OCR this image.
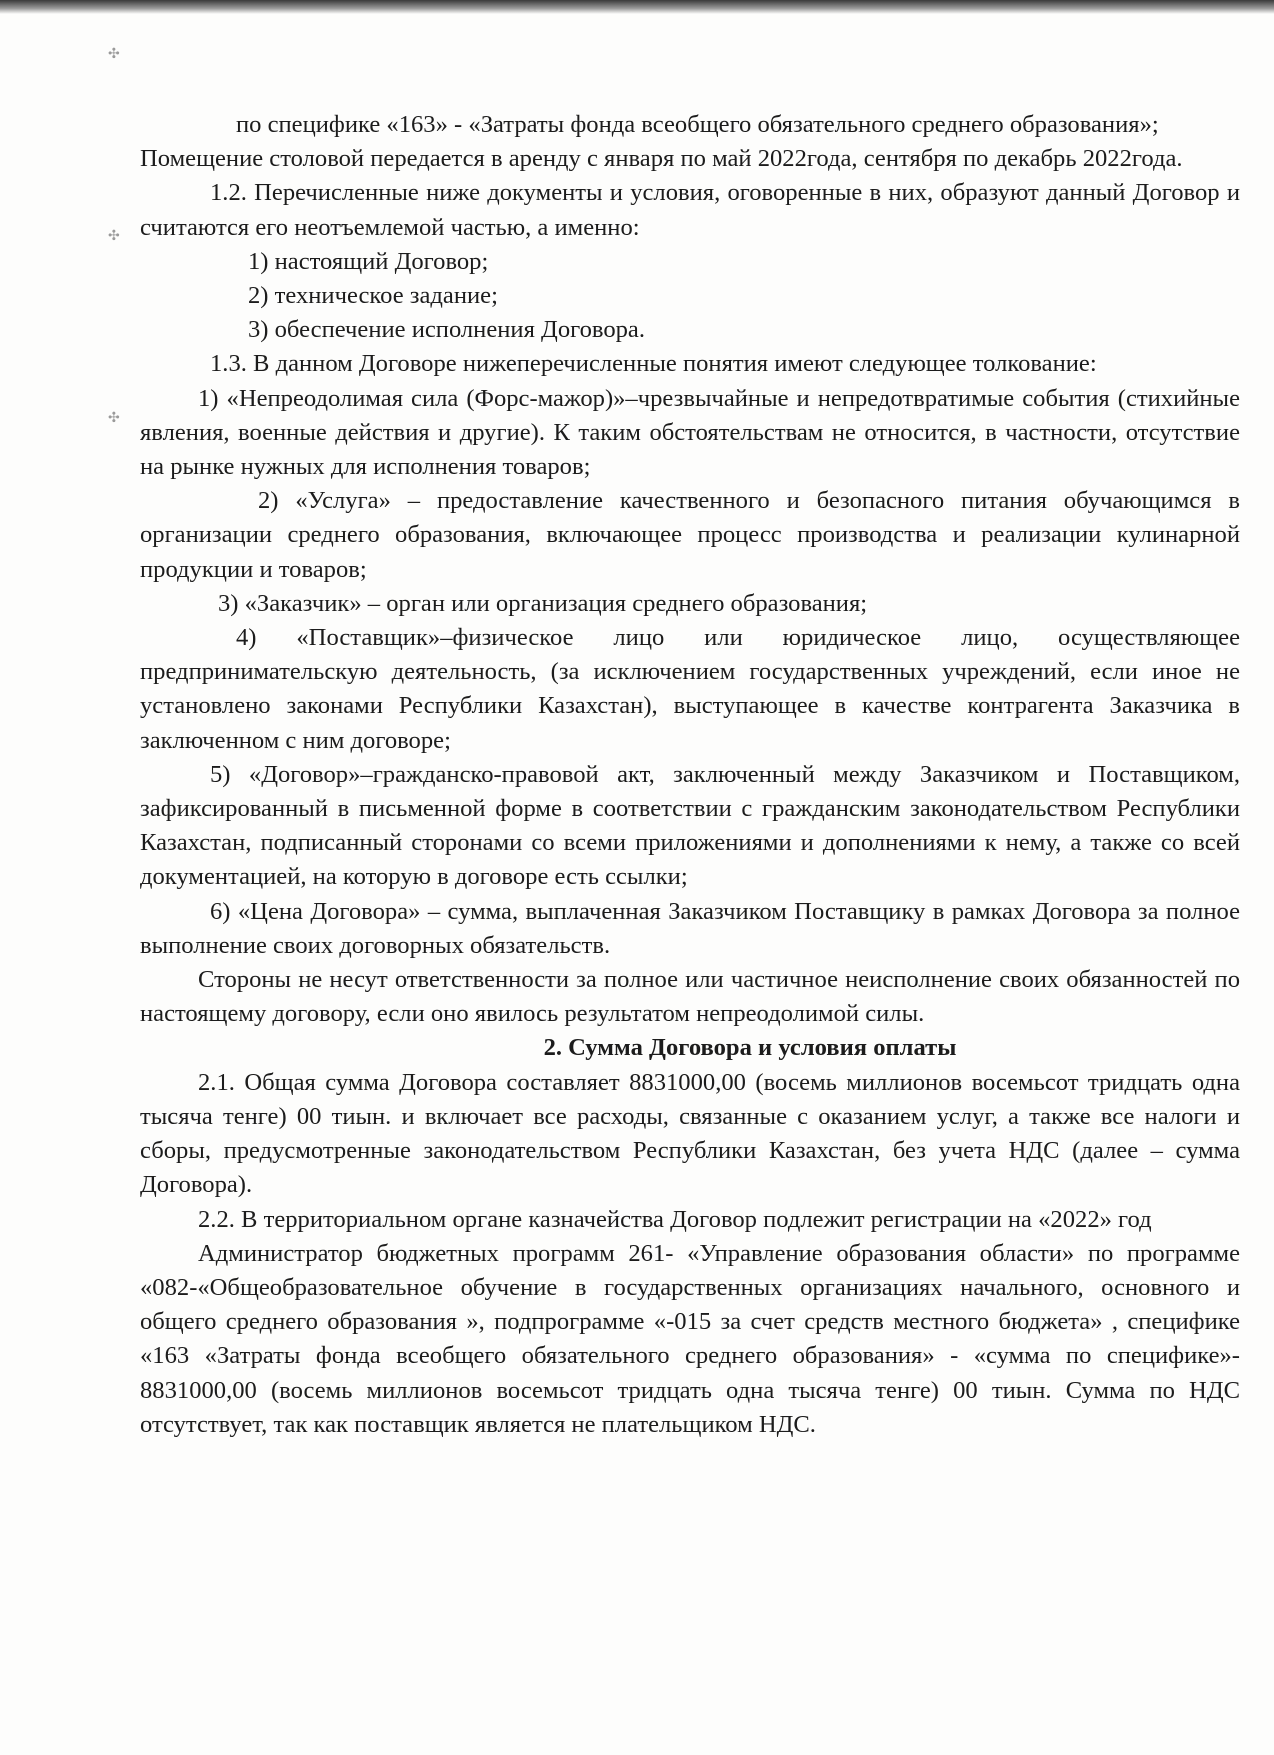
✣
✣
✣

по специфике «163» - «Затраты фонда всеобщего обязательного среднего образования»;

Помещение столовой передается в аренду с января по май 2022года, сентября по декабрь 2022года.

1.2. Перечисленные ниже документы и условия, оговоренные в них, образуют данный Договор и считаются его неотъемлемой частью, а именно:

1) настоящий Договор;

2) техническое задание;

3) обеспечение исполнения Договора.

1.3. В данном Договоре нижеперечисленные понятия имеют следующее толкование:

1) «Непреодолимая сила (Форс-мажор)»–чрезвычайные и непредотвратимые события (стихийные явления, военные действия и другие). К таким обстоятельствам не относится, в частности, отсутствие на рынке нужных для исполнения товаров;

2) «Услуга» – предоставление качественного и безопасного питания обучающимся в организации среднего образования, включающее процесс производства и реализации кулинарной продукции и товаров;

3) «Заказчик» – орган или организация среднего образования;

4) «Поставщик»–физическое лицо или юридическое лицо, осуществляющее предпринимательскую деятельность, (за исключением государственных учреждений, если иное не установлено законами Республики Казахстан), выступающее в качестве контрагента Заказчика в заключенном с ним договоре;

5) «Договор»–гражданско-правовой акт, заключенный между Заказчиком и Поставщиком, зафиксированный в письменной форме в соответствии с гражданским законодательством Республики Казахстан, подписанный сторонами со всеми приложениями и дополнениями к нему, а также со всей документацией, на которую в договоре есть ссылки;

6) «Цена Договора» – сумма, выплаченная Заказчиком Поставщику в рамках Договора за полное выполнение своих договорных обязательств.

Стороны не несут ответственности за полное или частичное неисполнение своих обязанностей по настоящему договору, если оно явилось результатом непреодолимой силы.

2. Сумма Договора и условия оплаты

2.1. Общая сумма Договора составляет 8831000,00 (восемь миллионов восемьсот тридцать одна тысяча тенге) 00 тиын. и включает все расходы, связанные с оказанием услуг, а также все налоги и сборы, предусмотренные законодательством Республики Казахстан, без учета НДС (далее – сумма Договора).

2.2. В территориальном органе казначейства Договор подлежит регистрации на «2022» год

Администратор бюджетных программ 261- «Управление образования области» по программе «082-«Общеобразовательное обучение в государственных организациях начального, основного и общего среднего образования », подпрограмме «-015 за счет средств местного бюджета» , специфике «163 «Затраты фонда всеобщего обязательного среднего образования» - «сумма по специфике»- 8831000,00 (восемь миллионов восемьсот тридцать одна тысяча тенге) 00 тиын. Сумма по НДС отсутствует, так как поставщик является не плательщиком НДС.
